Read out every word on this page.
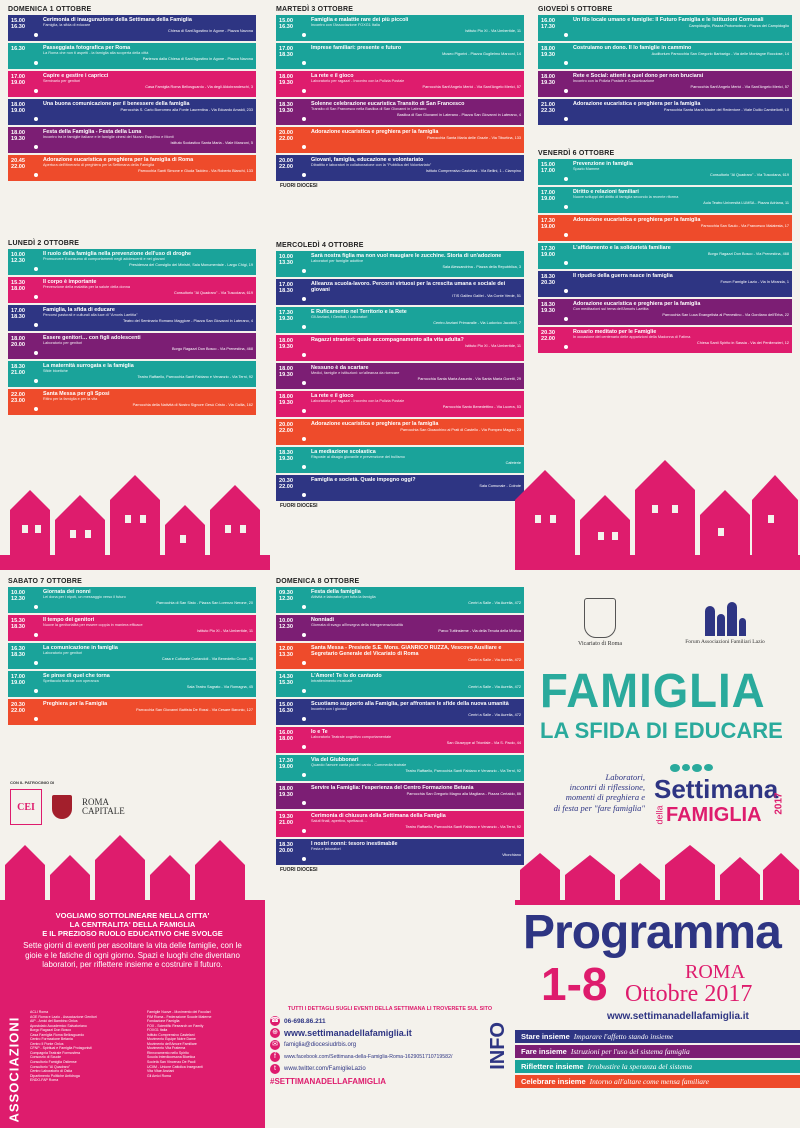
DOMENICA 1 OTTOBRE
15.00
16.30
Cerimonia di inaugurazione della Settimana della Famiglia
Famiglia, la sfida di educare
Chiesa di Sant'Agostino in Agone - Piazza Navona
16.30	Passeggiata fotografica per Roma
La Roma che non ti aspetti - la famiglia alla scoperta della città
Partenza dalla Chiesa di Sant'Agostino in Agone - Piazza Navona
17.00
19.00
Capire e gestire i capricci
Seminario per genitori
Casa Famiglia Roma Bellosguardo - Via degli Aldobrandeschi, 3
18.00
19.00
Una buona comunicazione per il benessere della famiglia
Parrocchia S. Carlo Borromeo alla Fonte Laurentina - Via Edoardo Amaldi, 233
18.00
19.30
Festa della Famiglia - Festa della Luna
Incontro tra le famiglie italiane e le famiglie cinesi del Nuovo Esquilino e Monti
Istituto Scolastico Santa Maria - Viale Manzoni, 5
20.45
22.00
Adorazione eucaristica e preghiera per la famiglia di Roma
Apertura dell'itinerario di preghiera per la Settimana della Famiglia
Parrocchia Santi Simone e Giuda Taddeo - Via Roberto Blanchi, 133
LUNEDÌ 2 OTTOBRE
10.00
12.30
Il ruolo della famiglia nella prevenzione dell'uso di droghe
Promuovere il consumo di comportamenti negli adolescenti e nei giovani
Presidenza del Consiglio dei Ministri, Sala Monumentale - Largo Chigi, 19
15.30
18.00
Il corpo è importante
Prevenzione della malattia per la salute della donna
Consultorio "Al Quadraro" - Via Tuscolana, 619
17.00
18.30
Famiglia, la sfida di educare
Percorsi pastorali e culturali alla luce di "Amoris Laetitia"
Teatro del Seminario Romano Maggiore - Piazza San Giovanni in Laterano, 4
18.00
20.00
Essere genitori… con figli adolescenti
Laboratorio per genitori
Borgo Ragazzi Don Bosco - Via Prenestina, 468
18.30
21.00
La maternità surrogata e la famiglia
Sfide bioetiche
Teatro Raffaello, Parrocchia Santi Fabiano e Venanzio - Via Terni, 92
22.00
23.00
Santa Messa per gli Sposi
Ritiro per la famiglia e per la vita
Parrocchia della Natività di Nostro Signore Gesù Cristo - Via Gallia, 162
MARTEDÌ 3 OTTOBRE
15.00
16.30
Famiglia e malattie rare dei più piccoli
Incontro con l'Associazione FOXG1 Italia
Istituto Pio XI - Via Umbertide, 11
17.00
18.30
Imprese familiari: presente e futuro
Museo Pigorini - Piazza Guglielmo Marconi, 14
18.00
19.30
La rete e il gioco
Laboratorio per ragazzi - Incontro con la Polizia Postale
Parrocchia Sant'Angelo Merici - Via Sant'Angelo Merici, 57
18.30
19.30
Solenne celebrazione eucaristica Transito di San Francesco
Transito di San Francesco nella Basilica di San Giovanni in Laterano
Basilica di San Giovanni in Laterano - Piazza San Giovanni in Laterano, 4
20.00
22.00
Adorazione eucaristica e preghiera per la famiglia
Parrocchia Santa Maria delle Grazie - Via Tiburtina, 133
20.00
22.00
Giovani, famiglia, educazione e volontariato
Dibattito e laboratori in collaborazione con la "Pubblica del Volontariato"
Istituto Comprensivo Castelani - Via Bellini, 1 - Ciampino
FUORI DIOCESI
MERCOLEDÌ 4 OTTOBRE
10.00
13.30
Sarà nostra figlia ma non vuol maugiare le zucchine. Storia di un'adozione
Laboratori per famiglie adottive
Sala Alessandrina - Piazza della Repubblica, 3
17.00
18.30
Alleanza scuola-lavoro. Percorsi virtuosi per la crescita umana e sociale dei giovani
ITIS Galileo Galilei - Via Conte Verde, 51
17.30
19.30
E Ruficamento nel Territorio e la Rete
Gli Anziani, i Genitori, i Laboratori
Centro Anziani Primavalle - Via Ludovico Jacobini, 7
18.00
19.30
Ragazzi stranieri: quale accompagnamento alla vita adulta?
Istituto Pio XI - Via Umbertide, 11
18.00
19.30
Nessuno è da scartare
Medici, famiglie e istituzioni: un'alleanza da ricercare
Parrocchia Santa Maria Assunta - Via Santa Maria Goretti, 29
18.00
19.30
La rete e il gioco
Laboratorio per ragazzi - Incontro con la Polizia Postale
Parrocchia Santo Benedettino - Via Lucera, 53
20.00
22.00
Adorazione eucaristica e preghiera per la famiglia
Parrocchia San Gioacchino ai Prati di Castello - Via Pompeo Magno, 23
18.30
19.30
La mediazione scolastica
Risposte ai disagio giovanile e prevenzione del bullismo
Cafeterie
20.30
22.00
Famiglia e società. Quale impegno oggi?
Sala Comunale - Colrote
FUORI DIOCESI
GIOVEDÌ 5 OTTOBRE
16.00
17.30
Un filo locale umano e famiglie: Il Futuro Famiglia e le Istituzioni Comunali
Campidoglio, Piazza Protomoteca - Piazza del Campidoglio
18.00
19.30
Costruiamo un dono. Il lo famiglie in cammino
Auditorium Parrocchia San Gregorio Barbarigo - Via delle Montagne Rocciose, 14
18.00
19.30
Rete e Social: attenti a quel dono per non bruciarsi
Incontro con la Polizia Postale e Comunicazione
Parrocchia Sant'Angelo Merici - Via Sant'Angelo Merici, 57
21.00
22.30
Adorazione eucaristica e preghiera per la famiglia
Parrocchia Santa Maria Madre del Redentore - Viale Duilio Cambellotti, 10
VENERDÌ 6 OTTOBRE
15.00
17.00
Prevenzione in famiglia
Spazio Mamme
Consultorio "Al Quadraro" - Via Tuscolana, 619
17.00
19.00
Diritto e relazioni familiari
Nuove sviluppi del diritto di famiglia secondo la recente riforma
Aula Teatro Università LUMSA - Piazza Adriana, 11
17.30
19.00
Adorazione eucaristica e preghiera per la famiglia
Parrocchia San Saulo - Via Francesco Malatesta, 17
17.30
19.00
L'affidamento e la solidarietà familiare
Borgo Ragazzi Don Bosco - Via Prenestina, 468
18.30
20.30
Il ripudio della guerra nasce in famiglia
Forum Famiglie Lazio - Via In Miranda, 1
18.30
19.30
Adorazione eucaristica e preghiera per la famiglia
Con meditazioni sul tema dell'Amoris Laetitia
Parrocchia San Luca Evangelista al Prenestino - Via Gordiano dell'Erba, 22
20.30
22.00
Rosario meditato per le Famiglie
In occasione del centenario delle apparizioni della Madonna di Fatima
Chiesa Santi Spirito in Sassia - Via dei Penitenzieri, 12
SABATO 7 OTTOBRE
10.00
12.30
Giornata dei nonni
Lei dona per i nipoti, un messaggio verso il futuro
Parrocchia di San Sisto - Piazza San Lorenzo Nerone, 20
15.30
18.30
Il tempo dei genitori
Nuove la genitorialità per essere coppia in maniera efficace
Istituto Pio XI - Via Umbertide, 11
16.30
18.30
La comunicazione in famiglia
Laboratorio per genitori
Casa e Culturale Coriandoli - Via Benedetto Croce, 36
17.00
19.00
Se pinse di quel che torna
Spettacolo teatrale con operanza
Sala Teatro Sagrato - Via Romagna, 45
20.30
22.00
Preghiera per la Famiglia
Parrocchia San Giovanni Battista De Rossi - Via Cesare Baronio, 127
DOMENICA 8 OTTOBRE
09.30
12.30
Festa della famiglia
Attività e laboratori per tutta la famiglia
Centri a Salle - Via Aurelia, 472
10.00
12.30
Nonniadi
Giornata di svago all'insegna della intergenerazionalità
Parco Tuttinsieme - Via della Tenuta della Mistica
12.00
13.30
Santa Messa - Presiede S.E. Mons. GIANRICO RUZZA, Vescovo Ausiliare e Segretario Generale del Vicariato di Roma
Centri a Salle - Via Aurelia, 472
14.30
15.30
L'Amore! Te lo do cantando
Intrattenimento musicale
Centri a Salle - Via Aurelia, 472
15.00
16.30
Scuotiamo supporto alla Famiglia, per affrontare le sfide della nuova umanità
Incontro con i giovani
Centri a Salle - Via Aurelia, 472
16.00
18.00
Io e Te
Laboratorio Teatrale cognitivo comportamentale
San Giuseppe al Trionfale - Via S. Paolo, 44
17.30
19.00
Via del Giubbonari
Quando l'amore canta più del canto - Commedia teatrale
Teatro Raffaello, Parrocchia Santi Fabiano e Venanzio - Via Terni, 92
18.00
19.30
Servire la Famiglia: l'esperienza del Centro Formazione Betania
Parrocchia San Gregorio Magno alla Magliana - Piazza Certaldo, 86
19.30
21.00
Cerimonia di chiusura della Settimana della Famiglia
Saluti finali, apertivo, spettacoli…
Teatro Raffaello, Parrocchia Santi Fabiano e Venanzio - Via Terni, 92
18.30
20.00
I nostri nonni: tesoro inestimabile
Festa e laboratori
Vitorchiano
FUORI DIOCESI
CON IL PATROCINIO DI
CEI	ROMA
CAPITALE
VOGLIAMO SOTTOLINEARE NELLA CITTA'
LA CENTRALITA' DELLA FAMIGLIA
E IL PREZIOSO RUOLO EDUCATIVO CHE SVOLGE
Sette giorni di eventi per ascoltare la vita delle famiglie, con le gioie e le fatiche di ogni giorno. Spazi e luoghi che diventano laboratori, per riflettere insieme e costruire il futuro.
ASSOCIAZIONI
ACLI Roma
AGE Roma e Lazio - Associazione Genitori
AIP - Amici del Bambino Onlus
Apostolato Accademico Salvatoriano
Borgo Ragazzi Don Bosco
Casa Famiglia Roma Bellosguardo
Centro Formazione Betania
Centro Il Ponte Onlus
CFNP - Spiritual e Famiglia Protagonisti
Compagnia Teatrale Formosfera
Consorzio di Scuole
Consultorio Famiglia Ostiense
Consultorio "Al Quadraro"
Centro Laboratorio di Ostia
Dipartimento Politiche Antidroga
ENDO-FAP Roma
Famiglie Nuove - Movimento dei Focolari
FIM Roma - Federazione Scuole Materne
Fondazione Famiglia
FOX - Scientific Research on Family
FOXG1 Italia
Istituto Comprensivo Castelani
Movimento Equipe Notre Dame
Movimento dell'Amore Familiare
Movimento Vita Fraterna
Rinnovamento nello Spirito
Scuola Interdiocesana Bioetica
Società San Vincenzo De Paoli
UCIIM - Unione Cattolica Insegnanti
Vita Vitae Anziani
Gli Amici Roma
TUTTI I DETTAGLI SUGLI EVENTI DELLA SETTIMANA LI TROVERETE SUL SITO
INFO
☎ 06-698.86.211
⊕ www.settimanadellafamiglia.it
✉	famiglia@diocesiudrbis.org
f	www.facebook.com/Settimana-della-Famiglia-Roma-1629051710719582/
t	www.twitter.com/FamiglieLazio
#SETTIMANADELLAFAMIGLIA
Vicariato di Roma	Forum Associazioni Familiari Lazio
FAMIGLIA
LA SFIDA DI EDUCARE
Laboratori,
incontri di riflessione,
momenti di preghiera e
di festa per "fare famiglia"
Settimana
della FAMIGLIA
2017
Programma
1-8	ROMA
Ottobre 2017
www.settimanadellafamiglia.it
Stare insieme Imparare l'affetto stando insieme
Fare insieme Istruzioni per l'uso del sistema famiglia
Riflettere insieme Irrobustire la speranza del sistema
Celebrare insieme Intorno all'altare come mensa familiare
